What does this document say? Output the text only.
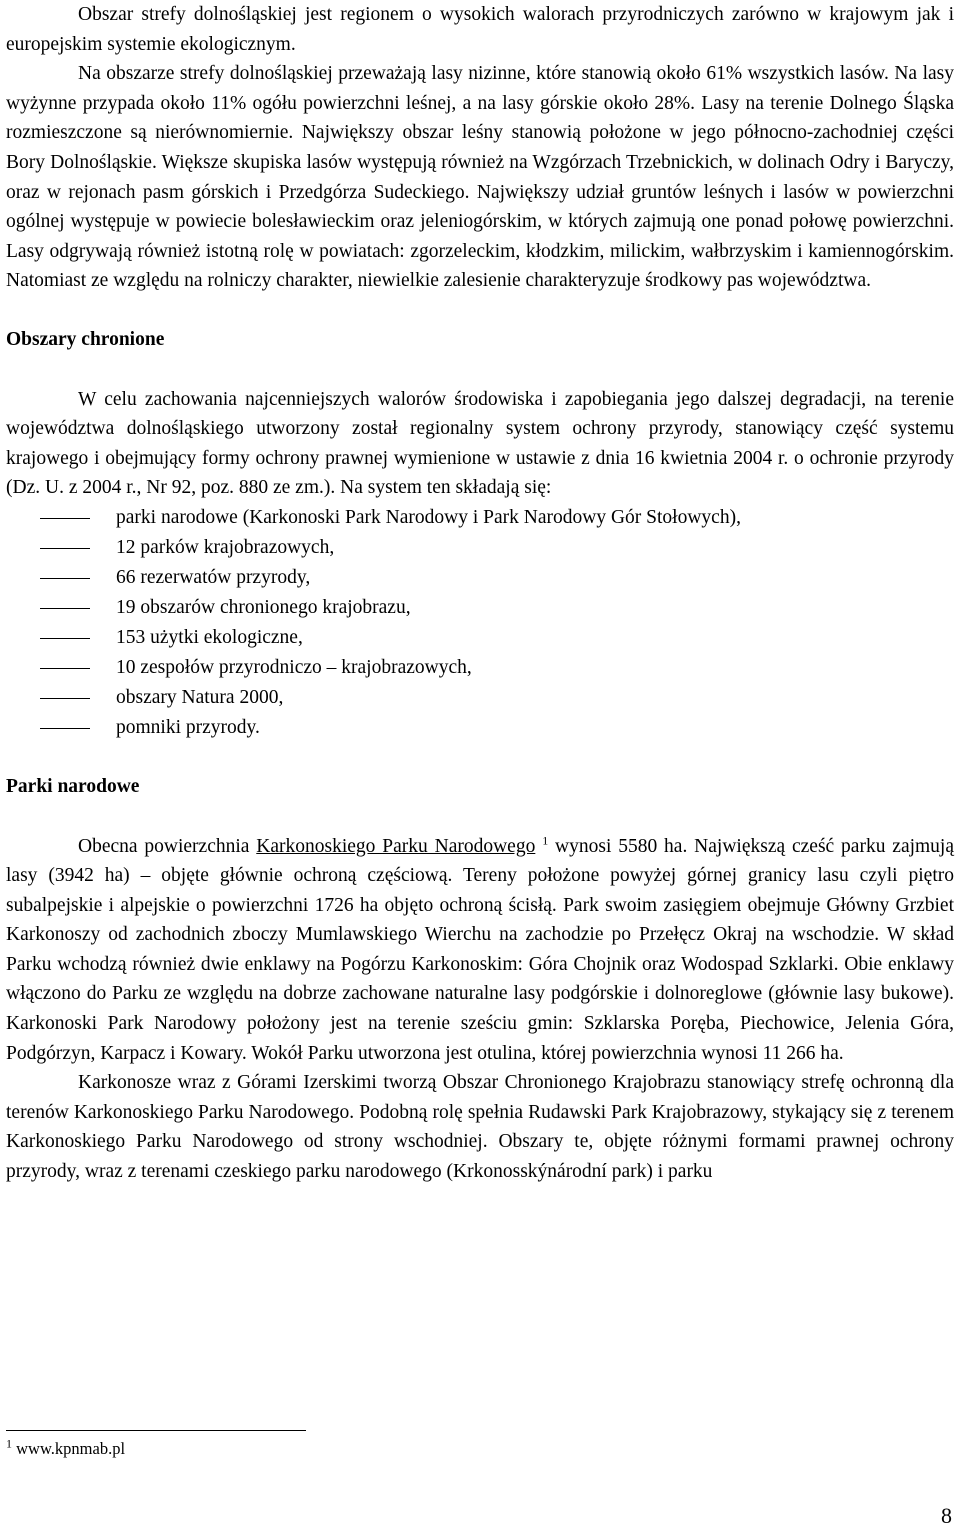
Obszar strefy dolnośląskiej jest regionem o wysokich walorach przyrodniczych zarówno w krajowym jak i europejskim systemie ekologicznym.

Na obszarze strefy dolnośląskiej przeważają lasy nizinne, które stanowią około 61% wszystkich lasów. Na lasy wyżynne przypada około 11% ogółu powierzchni leśnej, a na lasy górskie około 28%. Lasy na terenie Dolnego Śląska rozmieszczone są nierównomiernie. Największy obszar leśny stanowią położone w jego północno-zachodniej części Bory Dolnośląskie. Większe skupiska lasów występują również na Wzgórzach Trzebnickich, w dolinach Odry i Baryczy, oraz w rejonach pasm górskich i Przedgórza Sudeckiego. Największy udział gruntów leśnych i lasów w powierzchni ogólnej występuje w powiecie bolesławieckim oraz jeleniogórskim, w których zajmują one ponad połowę powierzchni. Lasy odgrywają również istotną rolę w powiatach: zgorzeleckim, kłodzkim, milickim, wałbrzyskim i kamiennogórskim. Natomiast ze względu na rolniczy charakter, niewielkie zalesienie charakteryzuje środkowy pas województwa.

Obszary chronione

W celu zachowania najcenniejszych walorów środowiska i zapobiegania jego dalszej degradacji, na terenie województwa dolnośląskiego utworzony został regionalny system ochrony przyrody, stanowiący część systemu krajowego i obejmujący formy ochrony prawnej wymienione w ustawie z dnia 16 kwietnia 2004 r. o ochronie przyrody (Dz. U. z 2004 r., Nr 92, poz. 880 ze zm.). Na system ten składają się:

parki narodowe (Karkonoski Park Narodowy i Park Narodowy Gór Stołowych),
12 parków krajobrazowych,
66 rezerwatów przyrody,
19 obszarów chronionego krajobrazu,
153 użytki ekologiczne,
10 zespołów przyrodniczo – krajobrazowych,
obszary Natura 2000,
pomniki przyrody.
Parki narodowe

Obecna powierzchnia Karkonoskiego Parku Narodowego $^1$ wynosi 5580 ha. Największą cześć parku zajmują lasy (3942 ha) – objęte głównie ochroną częściową. Tereny położone powyżej górnej granicy lasu czyli piętro subalpejskie i alpejskie o powierzchni 1726 ha objęto ochroną ścisłą. Park swoim zasięgiem obejmuje Główny Grzbiet Karkonoszy od zachodnich zboczy Mumlawskiego Wierchu na zachodzie po Przełęcz Okraj na wschodzie. W skład Parku wchodzą również dwie enklawy na Pogórzu Karkonoskim: Góra Chojnik oraz Wodospad Szklarki. Obie enklawy włączono do Parku ze względu na dobrze zachowane naturalne lasy podgórskie i dolnoreglowe (głównie lasy bukowe). Karkonoski Park Narodowy położony jest na terenie sześciu gmin: Szklarska Poręba, Piechowice, Jelenia Góra, Podgórzyn, Karpacz i Kowary. Wokół Parku utworzona jest otulina, której powierzchnia wynosi 11 266 ha.

Karkonosze wraz z Górami Izerskimi tworzą Obszar Chronionego Krajobrazu stanowiący strefę ochronną dla terenów Karkonoskiego Parku Narodowego. Podobną rolę spełnia Rudawski Park Krajobrazowy, stykający się z terenem Karkonoskiego Parku Narodowego od strony wschodniej. Obszary te, objęte różnymi formami prawnej ochrony przyrody, wraz z terenami czeskiego parku narodowego (Krkonosskýnárodní park) i parku

$^1$ www.kpnmab.pl
8
